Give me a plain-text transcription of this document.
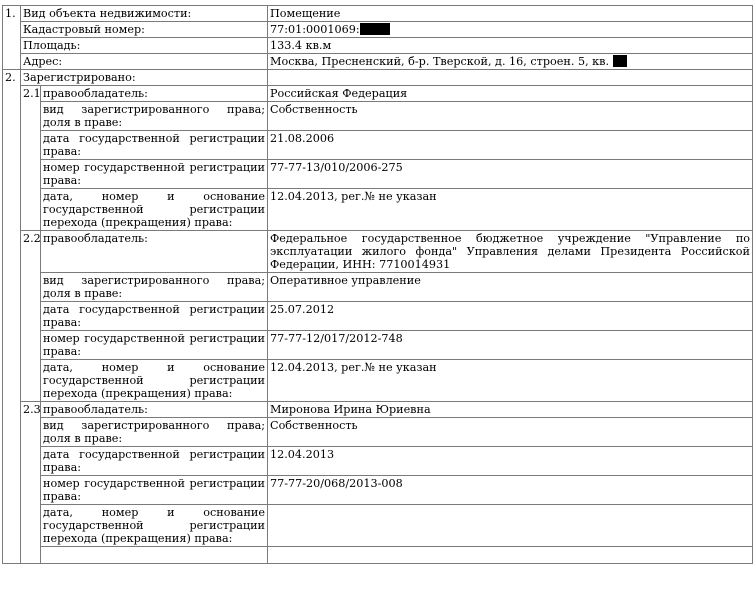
1.	Вид объекта недвижимости:		Помещение
	Кадастровый номер:		77:01:0001069:
	Площадь:		133.4 кв.м
	Адрес:		Москва, Пресненский, б-р. Тверской, д. 16, строен. 5, кв.
2.	Зарегистрировано:		
	2.1	правообладатель:	Российская Федерация
		вид зарегистрированного права; доля в праве:	Собственность
		дата государственной регистрации права:	21.08.2006
		номер государственной регистрации права:	77-77-13/010/2006-275
		дата, номер и основание государственной регистрации перехода (прекращения) права:	12.04.2013, рег.№ не указан
	2.2	правообладатель:	Федеральное государственное бюджетное учреждение "Управление по эксплуатации жилого фонда" Управления делами Президента Российской Федерации, ИНН: 7710014931
		вид зарегистрированного права; доля в праве:	Оперативное управление
		дата государственной регистрации права:	25.07.2012
		номер государственной регистрации права:	77-77-12/017/2012-748
		дата, номер и основание государственной регистрации перехода (прекращения) права:	12.04.2013, рег.№ не указан
	2.3	правообладатель:	Миронова Ирина Юриевна
		вид зарегистрированного права; доля в праве:	Собственность
		дата государственной регистрации права:	12.04.2013
		номер государственной регистрации права:	77-77-20/068/2013-008
		дата, номер и основание государственной регистрации перехода (прекращения) права:	
